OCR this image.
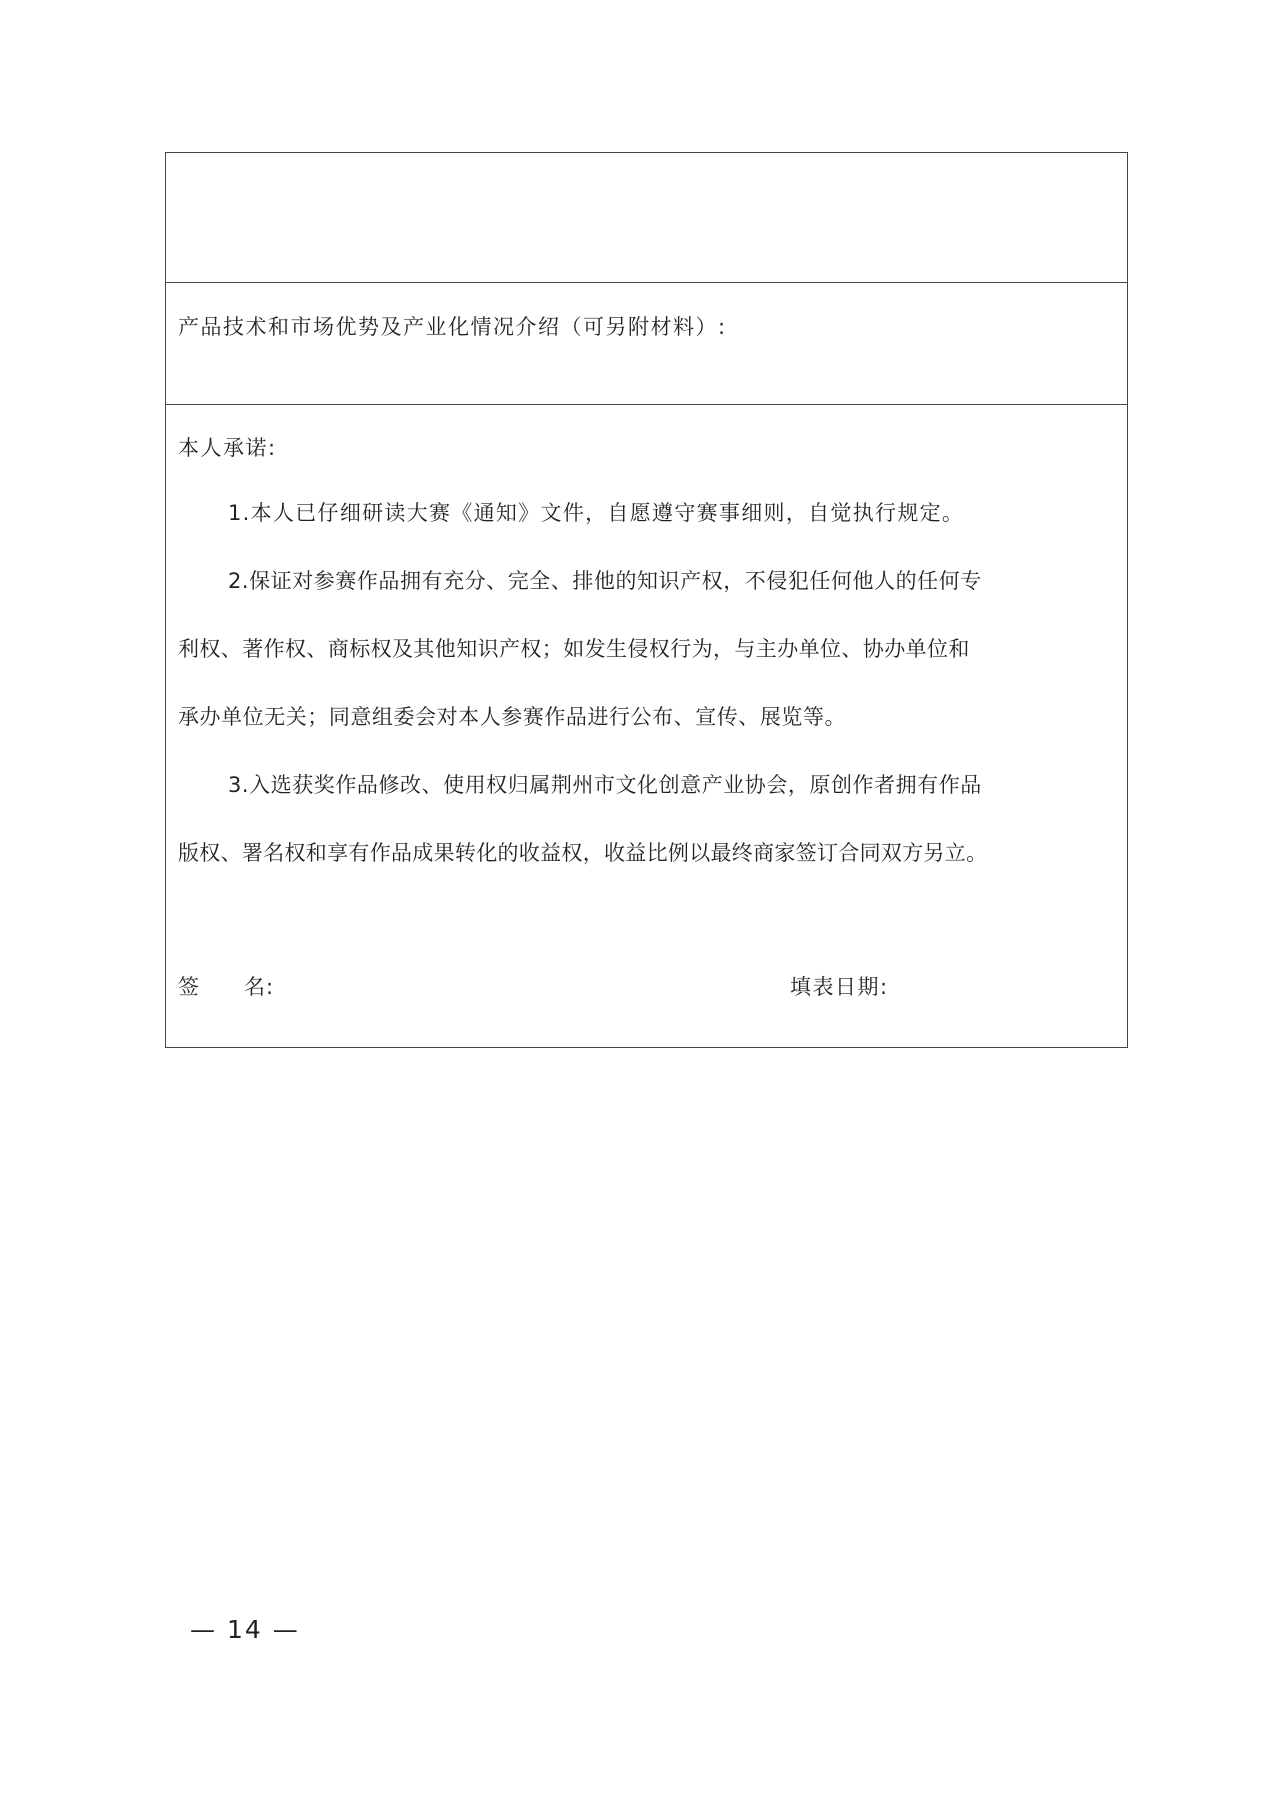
产品技术和市场优势及产业化情况介绍（可另附材料）:
本人承诺:
1.本人已仔细研读大赛《通知》文件，自愿遵守赛事细则，自觉执行规定。
2.保证对参赛作品拥有充分、完全、排他的知识产权，不侵犯任何他人的任何专
利权、著作权、商标权及其他知识产权；如发生侵权行为，与主办单位、协办单位和
承办单位无关；同意组委会对本人参赛作品进行公布、宣传、展览等。
3.入选获奖作品修改、使用权归属荆州市文化创意产业协会，原创作者拥有作品
版权、署名权和享有作品成果转化的收益权，收益比例以最终商家签订合同双方另立。
签　　名:	填表日期:
— 14 —
